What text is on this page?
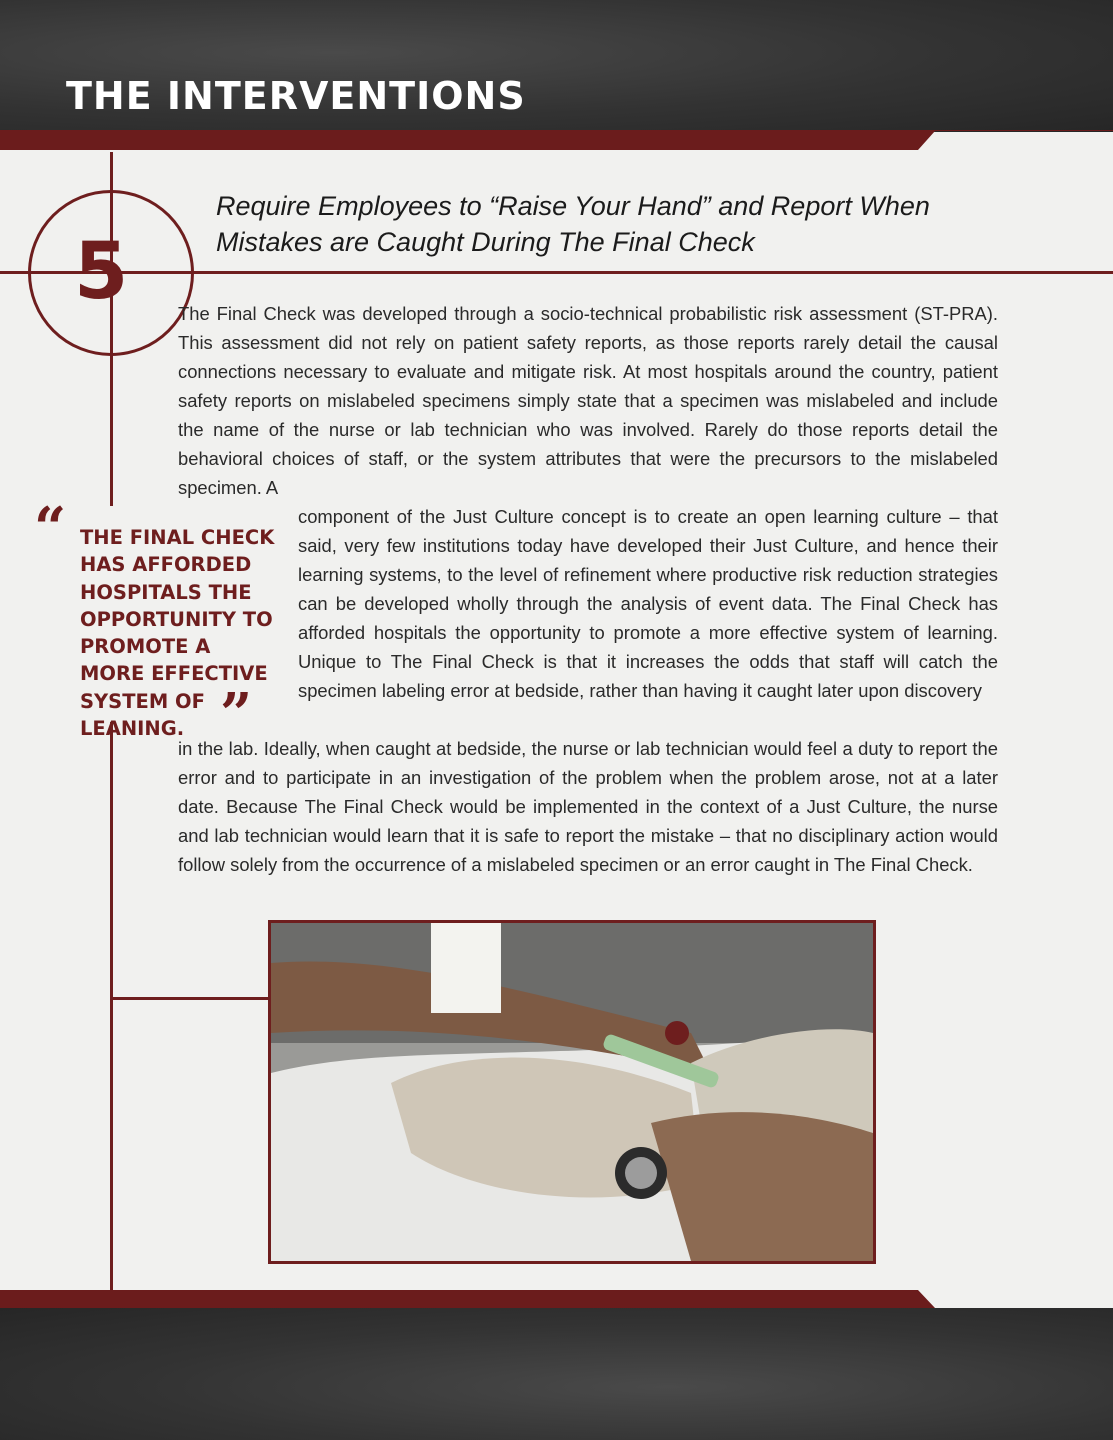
THE INTERVENTIONS
5
Require Employees to “Raise Your Hand” and Report When Mistakes are Caught During The Final Check

The Final Check was developed through a socio-technical probabilistic risk assessment (ST-PRA). This assessment did not rely on patient safety reports, as those reports rarely detail the causal connections necessary to evaluate and mitigate risk. At most hospitals around the country, patient safety reports on mislabeled specimens simply state that a specimen was mislabeled and include the name of the nurse or lab technician who was involved. Rarely do those reports detail the behavioral choices of staff, or the system attributes that were the precursors to the mislabeled specimen. A

component of the Just Culture concept is to create an open learning culture – that said, very few institutions today have developed their Just Culture, and hence their learning systems, to the level of refinement where productive risk reduction strategies can be developed wholly through the analysis of event data. The Final Check has afforded hospitals the opportunity to promote a more effective system of learning. Unique to The Final Check is that it increases the odds that staff will catch the specimen labeling error at bedside, rather than having it caught later upon discovery

in the lab. Ideally, when caught at bedside, the nurse or lab technician would feel a duty to report the error and to participate in an investigation of the problem when the problem arose, not at a later date. Because The Final Check would be implemented in the context of a Just Culture, the nurse and lab technician would learn that it is safe to report the mistake – that no disciplinary action would follow solely from the occurrence of a mislabeled specimen or an error caught in The Final Check.

“ THE FINAL CHECK HAS AFFORDED HOSPITALS THE OPPORTUNITY TO PROMOTE A MORE EFFECTIVE SYSTEM OF LEANING. ”
